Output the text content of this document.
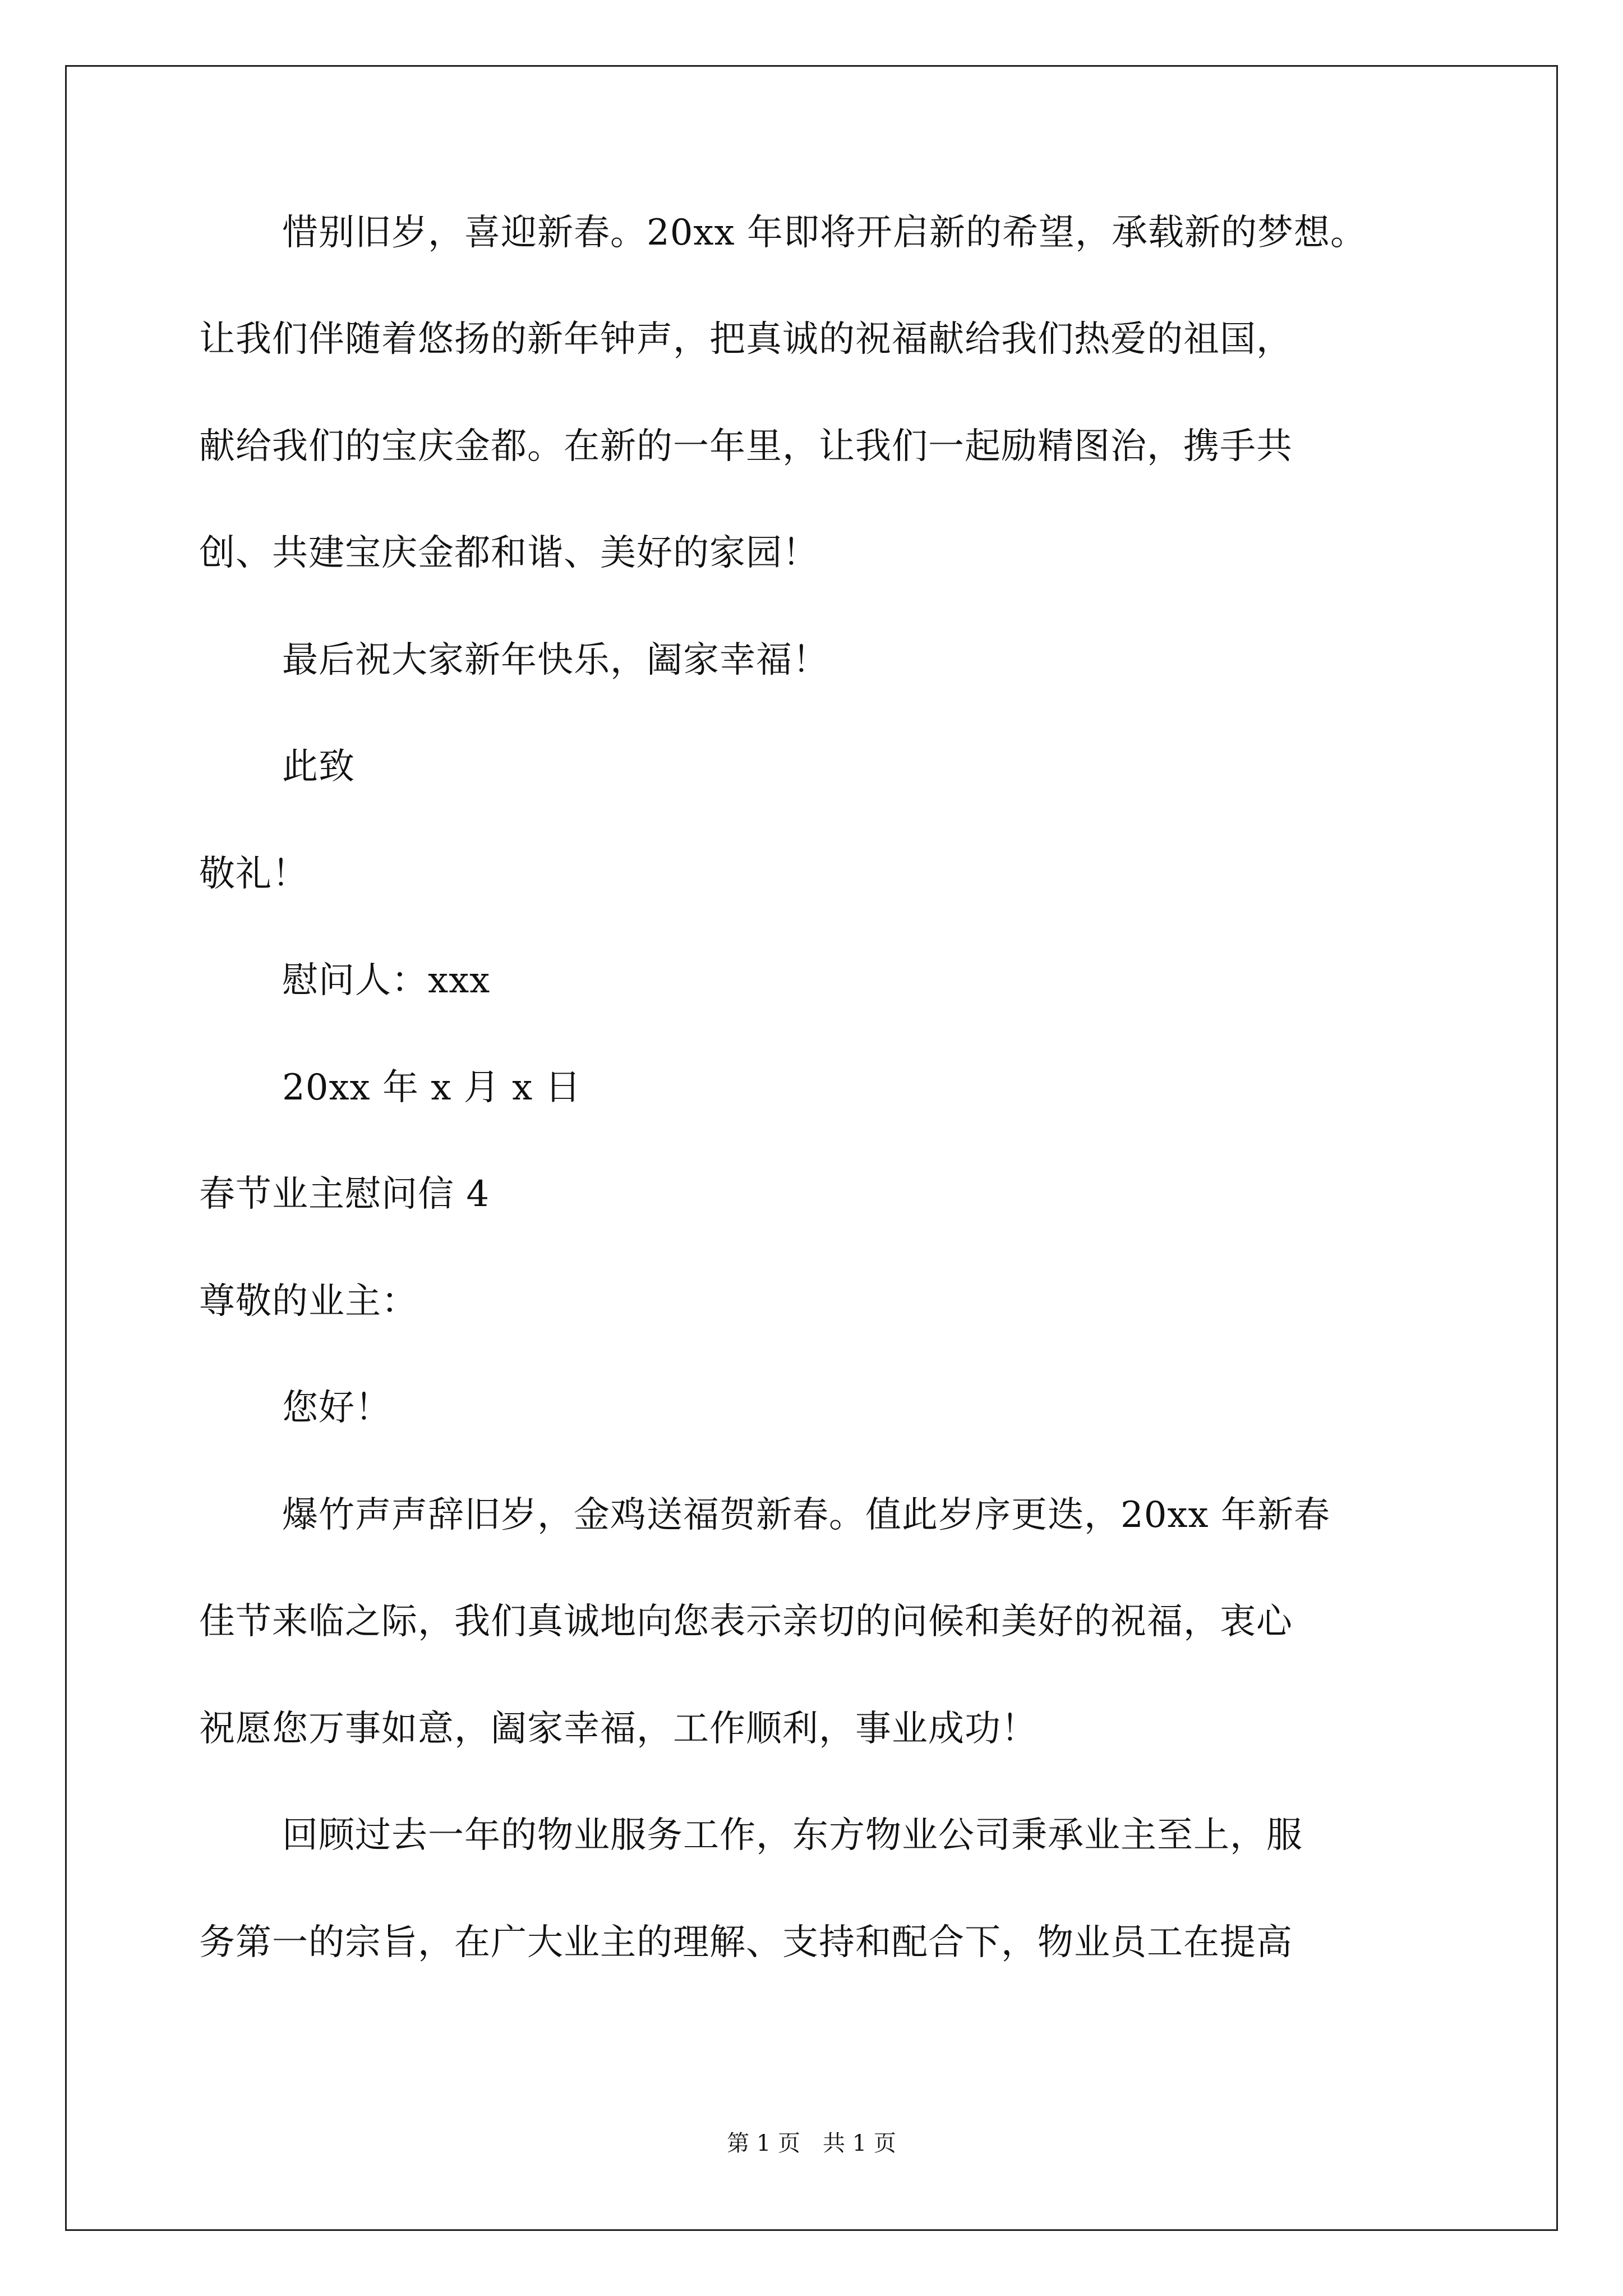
惜别旧岁，喜迎新春。20xx 年即将开启新的希望，承载新的梦想。
让我们伴随着悠扬的新年钟声，把真诚的祝福献给我们热爱的祖国，
献给我们的宝庆金都。在新的一年里，让我们一起励精图治，携手共
创、共建宝庆金都和谐、美好的家园！
最后祝大家新年快乐，阖家幸福！
此致
敬礼！
慰问人：xxx
20xx 年 x 月 x 日
春节业主慰问信 4
尊敬的业主：
您好！
爆竹声声辞旧岁，金鸡送福贺新春。值此岁序更迭，20xx 年新春
佳节来临之际，我们真诚地向您表示亲切的问候和美好的祝福，衷心
祝愿您万事如意，阖家幸福，工作顺利，事业成功！
回顾过去一年的物业服务工作，东方物业公司秉承业主至上，服
务第一的宗旨，在广大业主的理解、支持和配合下，物业员工在提高
第 1 页　共 1 页
